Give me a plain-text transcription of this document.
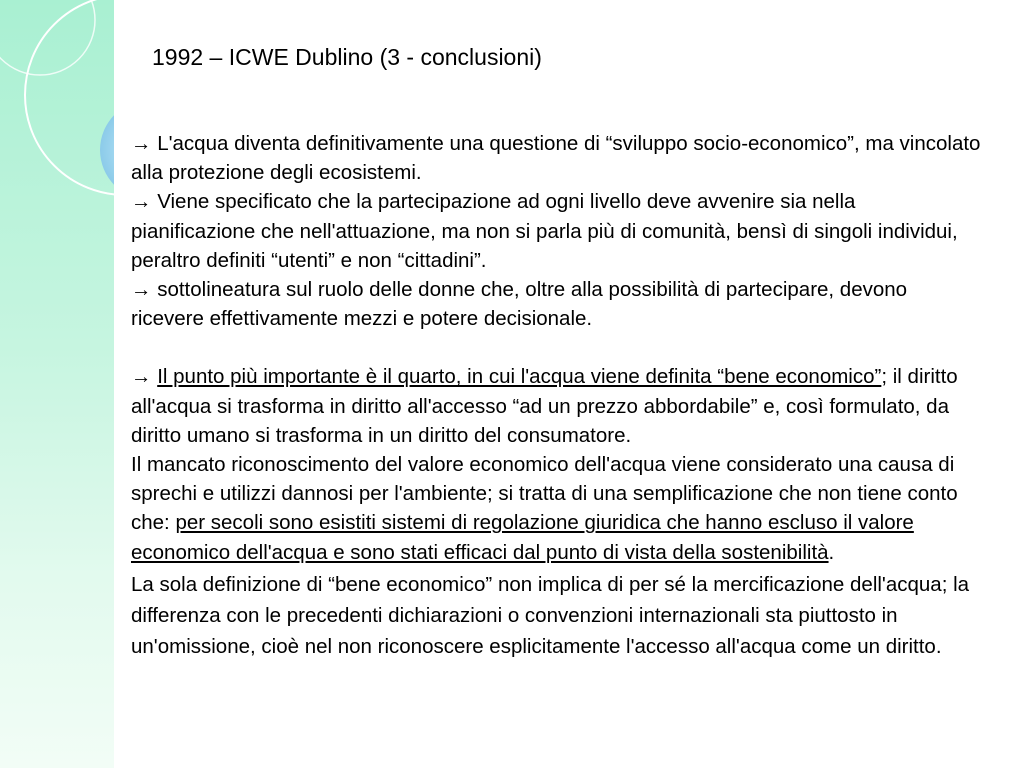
1992 – ICWE Dublino (3 - conclusioni)

→ L'acqua diventa definitivamente una questione di “sviluppo socio-economico”, ma vincolato alla protezione degli ecosistemi.

→ Viene specificato che la partecipazione ad ogni livello deve avvenire sia nella pianificazione che nell'attuazione, ma non si parla più di comunità, bensì di singoli individui, peraltro definiti “utenti” e non “cittadini”.

→ sottolineatura sul ruolo delle donne che, oltre alla possibilità di partecipare, devono ricevere effettivamente mezzi e potere decisionale.

→ Il punto più importante è il quarto, in cui l'acqua viene definita “bene economico”; il diritto all'acqua si trasforma in diritto all'accesso “ad un prezzo abbordabile” e, così formulato, da diritto umano si trasforma in un diritto del consumatore.

Il mancato riconoscimento del valore economico dell'acqua viene considerato una causa di sprechi e utilizzi dannosi per l'ambiente; si tratta di una semplificazione che non tiene conto che: per secoli sono esistiti sistemi di regolazione giuridica che hanno escluso il valore economico dell'acqua e sono stati efficaci dal punto di vista della sostenibilità.

La sola definizione di “bene economico” non implica di per sé la mercificazione dell'acqua; la differenza con le precedenti dichiarazioni o convenzioni internazionali sta piuttosto in un'omissione, cioè nel non riconoscere esplicitamente l'accesso all'acqua come un diritto.
